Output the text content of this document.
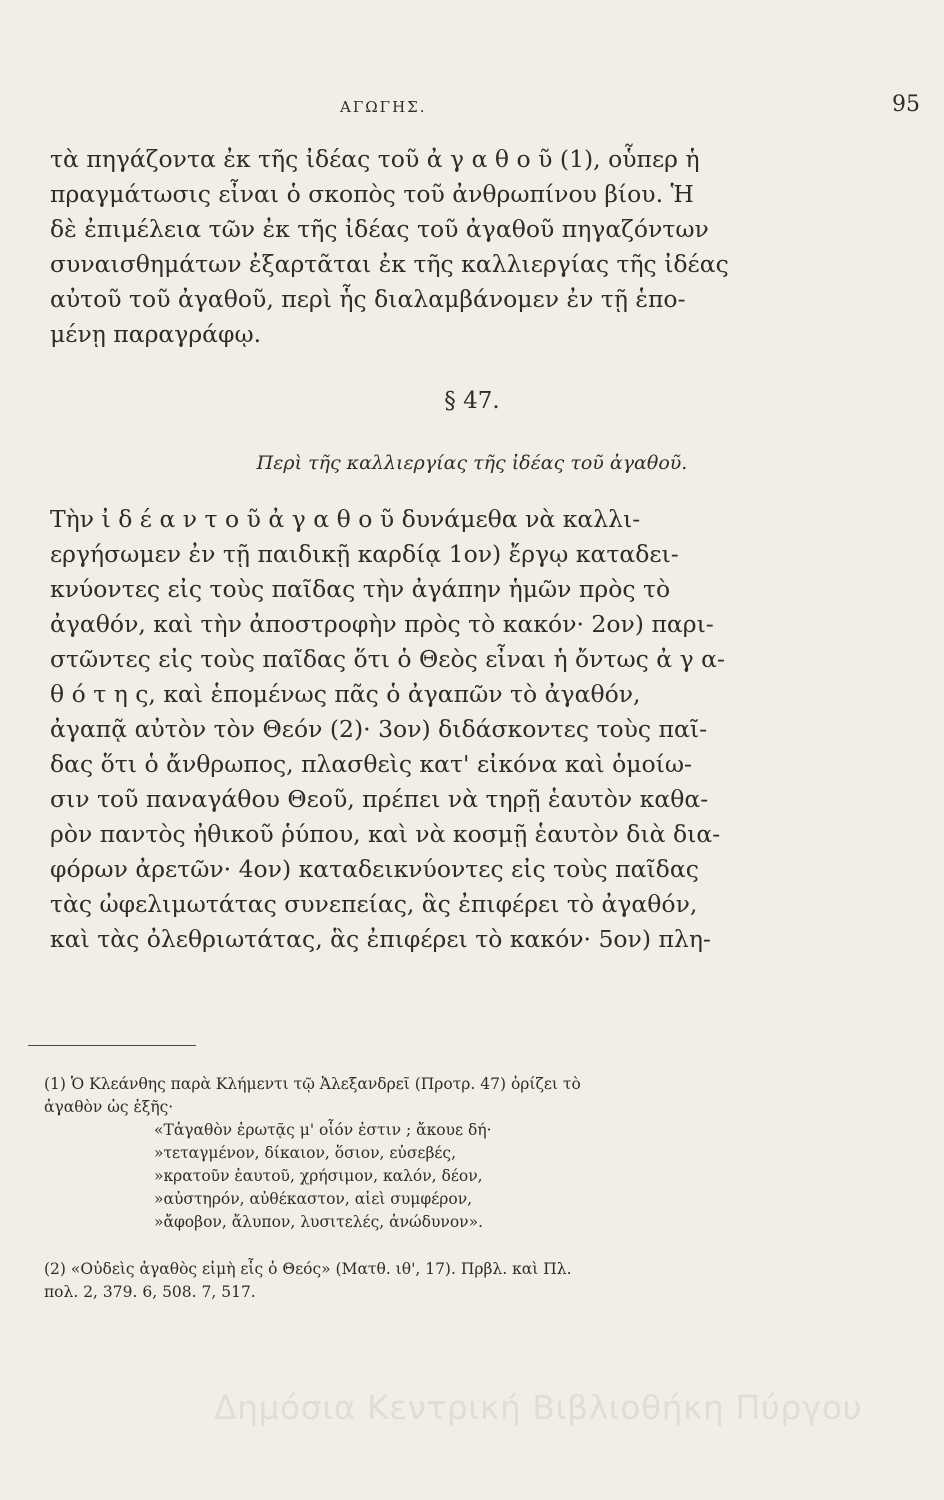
ΑΓΩΓΗΣ.	95

τὰ πηγάζοντα ἐκ τῆς ἰδέας τοῦ ἀ γ α θ ο ῦ (1), οὗπερ ἡ
πραγμάτωσις εἶναι ὁ σκοπὸς τοῦ ἀνθρωπίνου βίου. Ἡ
δὲ ἐπιμέλεια τῶν ἐκ τῆς ἰδέας τοῦ ἀγαθοῦ πηγαζόντων
συναισθημάτων ἐξαρτᾶται ἐκ τῆς καλλιεργίας τῆς ἰδέας
αὐτοῦ τοῦ ἀγαθοῦ, περὶ ἧς διαλαμβάνομεν ἐν τῇ ἑπο-
μένῃ παραγράφῳ.

§ 47.
Περὶ τῆς καλλιεργίας τῆς ἰδέας τοῦ ἀγαθοῦ.

Τὴν ἰ δ έ α ν τ ο ῦ ἀ γ α θ ο ῦ δυνάμεθα νὰ καλλι-
εργήσωμεν ἐν τῇ παιδικῇ καρδίᾳ 1ον) ἔργῳ καταδει-
κνύοντες εἰς τοὺς παῖδας τὴν ἀγάπην ἡμῶν πρὸς τὸ
ἀγαθόν, καὶ τὴν ἀποστροφὴν πρὸς τὸ κακόν· 2ον) παρι-
στῶντες εἰς τοὺς παῖδας ὅτι ὁ Θεὸς εἶναι ἡ ὄντως ἀ γ α-
θ ό τ η ς, καὶ ἑπομένως πᾶς ὁ ἀγαπῶν τὸ ἀγαθόν,
ἀγαπᾷ αὐτὸν τὸν Θεόν (2)· 3ον) διδάσκοντες τοὺς παῖ-
δας ὅτι ὁ ἄνθρωπος, πλασθεὶς κατ' εἰκόνα καὶ ὁμοίω-
σιν τοῦ παναγάθου Θεοῦ, πρέπει νὰ τηρῇ ἑαυτὸν καθα-
ρὸν παντὸς ἠθικοῦ ῥύπου, καὶ νὰ κοσμῇ ἑαυτὸν διὰ δια-
φόρων ἀρετῶν· 4ον) καταδεικνύοντες εἰς τοὺς παῖδας
τὰς ὠφελιμωτάτας συνεπείας, ἃς ἐπιφέρει τὸ ἀγαθόν,
καὶ τὰς ὀλεθριωτάτας, ἃς ἐπιφέρει τὸ κακόν· 5ον) πλη-

(1) Ὁ Κλεάνθης παρὰ Κλήμεντι τῷ Ἀλεξανδρεῖ (Προτρ. 47) ὁρίζει τὸ
ἀγαθὸν ὡς ἑξῆς·
«Τἀγαθὸν ἐρωτᾷς μ' οἷόν ἐστιν ; ἄκουε δή·
»τεταγμένον, δίκαιον, ὅσιον, εὐσεβές,
»κρατοῦν ἑαυτοῦ, χρήσιμον, καλόν, δέον,
»αὐστηρόν, αὐθέκαστον, αἰεὶ συμφέρον,
»ἄφοβον, ἄλυπον, λυσιτελές, ἀνώδυνον».
(2) «Οὐδεὶς ἀγαθὸς εἰμὴ εἷς ὁ Θεός» (Ματθ. ιθ', 17). Πρβλ. καὶ Πλ.
πολ. 2, 379. 6, 508. 7, 517.
Δημόσια Κεντρική Βιβλιοθήκη Πύργου
